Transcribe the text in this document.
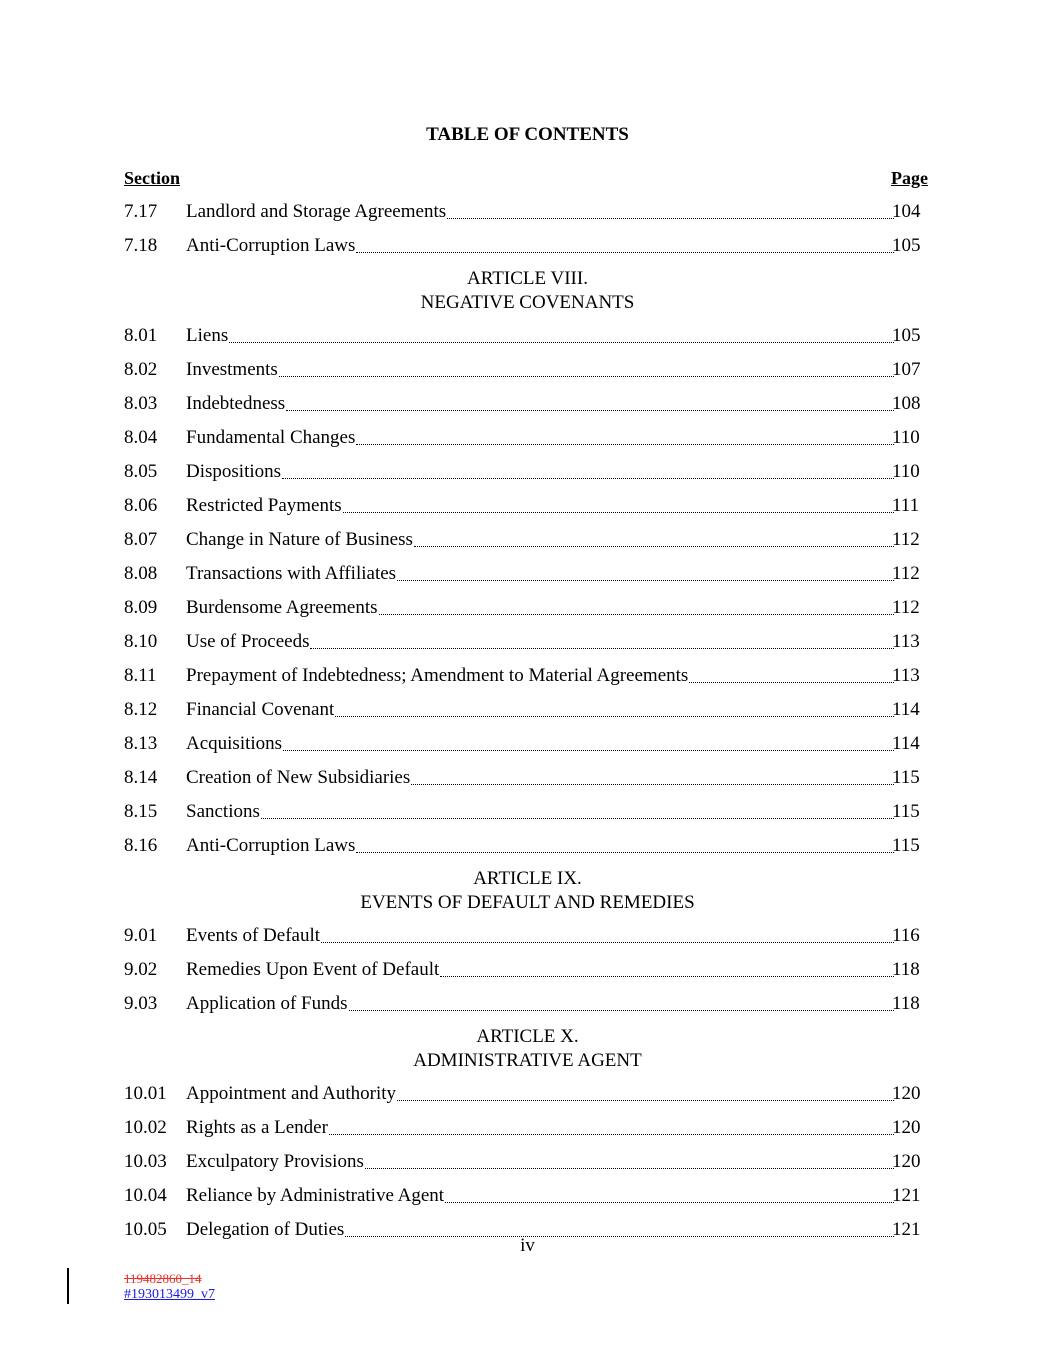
TABLE OF CONTENTS
Section	Page
7.17 Landlord and Storage Agreements	104
7.18 Anti-Corruption Laws	105
ARTICLE VIII.
NEGATIVE COVENANTS
8.01 Liens	105
8.02 Investments	107
8.03 Indebtedness	108
8.04 Fundamental Changes	110
8.05 Dispositions	110
8.06 Restricted Payments	111
8.07 Change in Nature of Business	112
8.08 Transactions with Affiliates	112
8.09 Burdensome Agreements	112
8.10 Use of Proceeds	113
8.11 Prepayment of Indebtedness; Amendment to Material Agreements	113
8.12 Financial Covenant	114
8.13 Acquisitions	114
8.14 Creation of New Subsidiaries	115
8.15 Sanctions	115
8.16 Anti-Corruption Laws	115
ARTICLE IX.
EVENTS OF DEFAULT AND REMEDIES
9.01 Events of Default	116
9.02 Remedies Upon Event of Default	118
9.03 Application of Funds	118
ARTICLE X.
ADMINISTRATIVE AGENT
10.01 Appointment and Authority	120
10.02 Rights as a Lender	120
10.03 Exculpatory Provisions	120
10.04 Reliance by Administrative Agent	121
10.05 Delegation of Duties	121
iv
119482860_14
#193013499_v7
